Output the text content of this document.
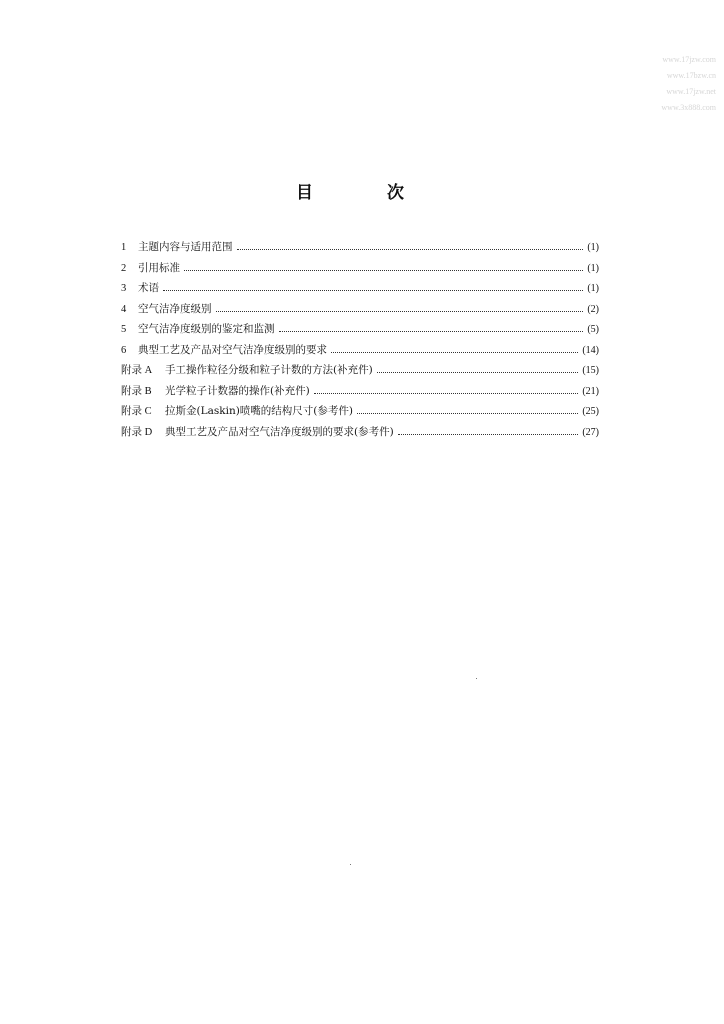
www.17jzw.com
www.17bzw.cn
www.17jzw.net
www.3x888.com
目 次
1	主题内容与适用范围	(1)
2	引用标准	(1)
3	术语	(1)
4	空气洁净度级别	(2)
5	空气洁净度级别的鉴定和监测	(5)
6	典型工艺及产品对空气洁净度级别的要求	(14)
附录 A	手工操作粒径分级和粒子计数的方法(补充件)	(15)
附录 B	光学粒子计数器的操作(补充件)	(21)
附录 C	拉斯金(Laskin)喷嘴的结构尺寸(参考件)	(25)
附录 D	典型工艺及产品对空气洁净度级别的要求(参考件)	(27)
